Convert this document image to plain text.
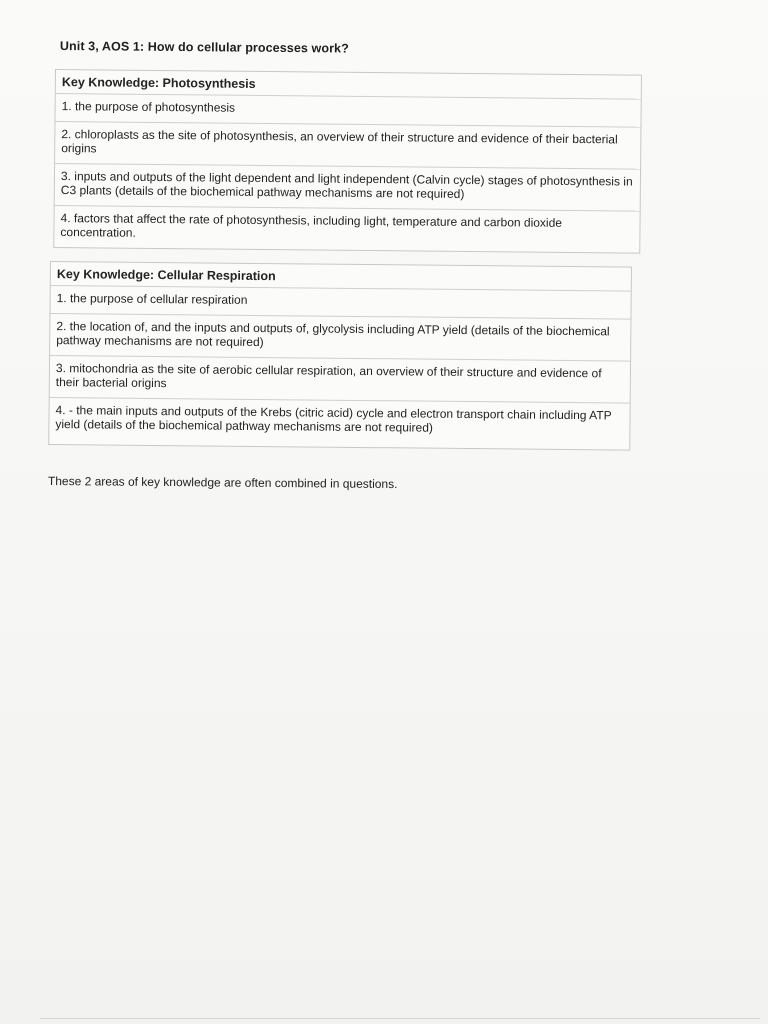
Unit 3, AOS 1: How do cellular processes work?
Key Knowledge: Photosynthesis
1. the purpose of photosynthesis
2. chloroplasts as the site of photosynthesis, an overview of their structure and evidence of their bacterial origins
3. inputs and outputs of the light dependent and light independent (Calvin cycle) stages of photosynthesis in C3 plants (details of the biochemical pathway mechanisms are not required)
4. factors that affect the rate of photosynthesis, including light, temperature and carbon dioxide concentration.
Key Knowledge: Cellular Respiration
1. the purpose of cellular respiration
2. the location of, and the inputs and outputs of, glycolysis including ATP yield (details of the biochemical pathway mechanisms are not required)
3. mitochondria as the site of aerobic cellular respiration, an overview of their structure and evidence of their bacterial origins
4. - the main inputs and outputs of the Krebs (citric acid) cycle and electron transport chain including ATP yield (details of the biochemical pathway mechanisms are not required)
These 2 areas of key knowledge are often combined in questions.
